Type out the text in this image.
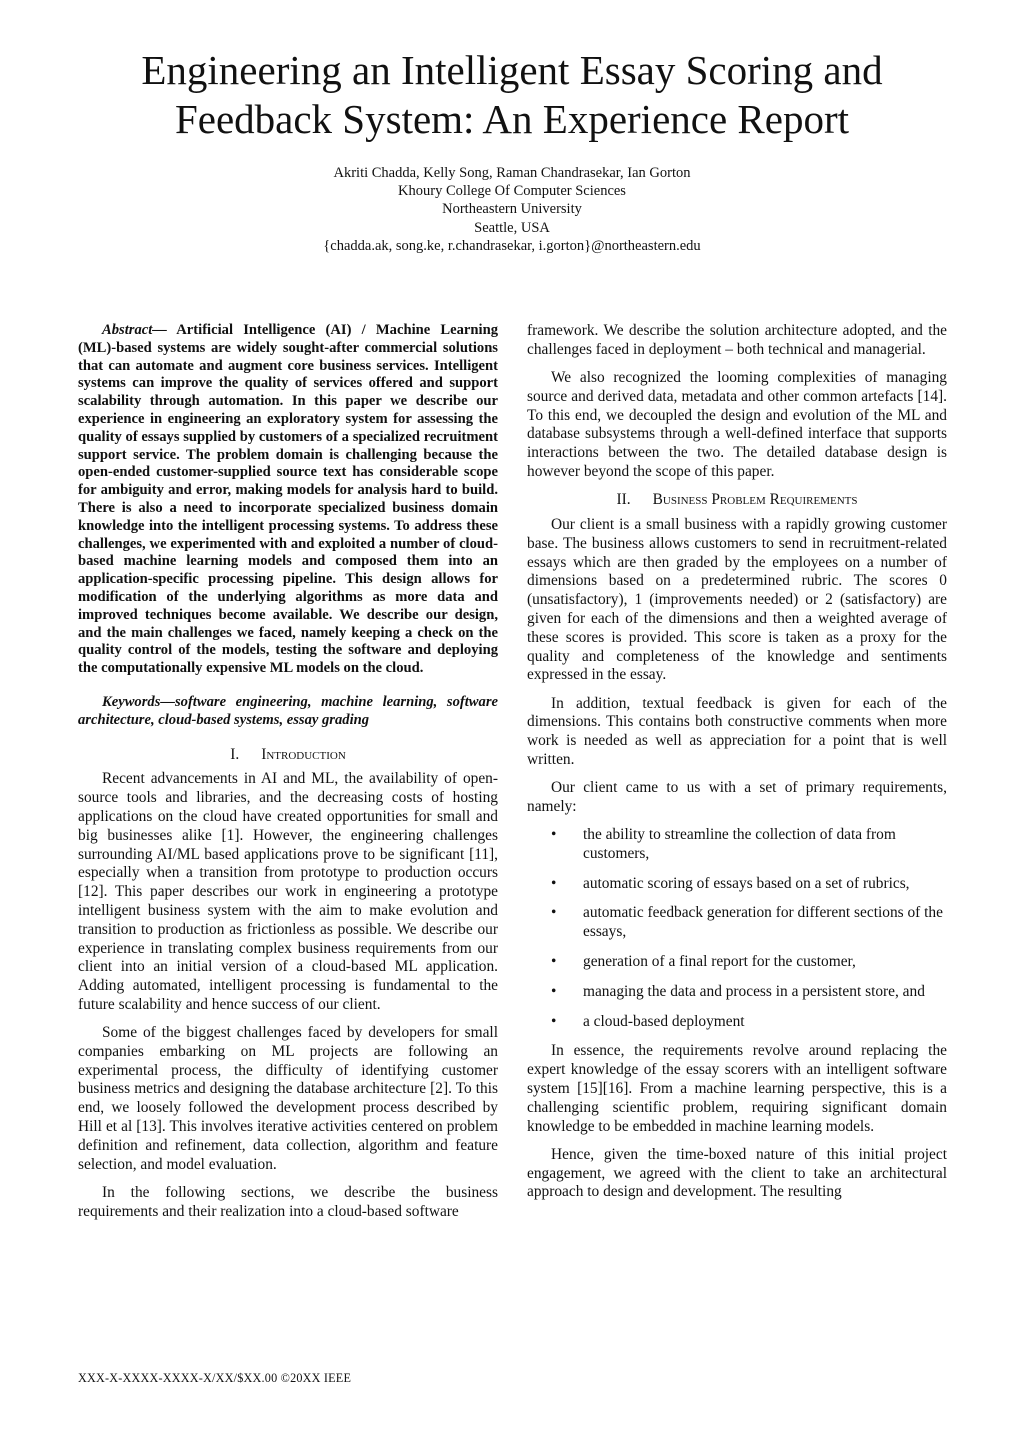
Engineering an Intelligent Essay Scoring and Feedback System: An Experience Report
Akriti Chadda, Kelly Song, Raman Chandrasekar, Ian Gorton
Khoury College Of Computer Sciences
Northeastern University
Seattle, USA
{chadda.ak, song.ke, r.chandrasekar, i.gorton}@northeastern.edu

Abstract— Artificial Intelligence (AI) / Machine Learning (ML)-based systems are widely sought-after commercial solutions that can automate and augment core business services. Intelligent systems can improve the quality of services offered and support scalability through automation. In this paper we describe our experience in engineering an exploratory system for assessing the quality of essays supplied by customers of a specialized recruitment support service. The problem domain is challenging because the open-ended customer-supplied source text has considerable scope for ambiguity and error, making models for analysis hard to build. There is also a need to incorporate specialized business domain knowledge into the intelligent processing systems. To address these challenges, we experimented with and exploited a number of cloud-based machine learning models and composed them into an application-specific processing pipeline. This design allows for modification of the underlying algorithms as more data and improved techniques become available. We describe our design, and the main challenges we faced, namely keeping a check on the quality control of the models, testing the software and deploying the computationally expensive ML models on the cloud.

Keywords—software engineering, machine learning, software architecture, cloud-based systems, essay grading

I. Introduction

Recent advancements in AI and ML, the availability of open-source tools and libraries, and the decreasing costs of hosting applications on the cloud have created opportunities for small and big businesses alike [1]. However, the engineering challenges surrounding AI/ML based applications prove to be significant [11], especially when a transition from prototype to production occurs [12]. This paper describes our work in engineering a prototype intelligent business system with the aim to make evolution and transition to production as frictionless as possible. We describe our experience in translating complex business requirements from our client into an initial version of a cloud-based ML application. Adding automated, intelligent processing is fundamental to the future scalability and hence success of our client.

Some of the biggest challenges faced by developers for small companies embarking on ML projects are following an experimental process, the difficulty of identifying customer business metrics and designing the database architecture [2]. To this end, we loosely followed the development process described by Hill et al [13]. This involves iterative activities centered on problem definition and refinement, data collection, algorithm and feature selection, and model evaluation.

In the following sections, we describe the business requirements and their realization into a cloud-based software

framework. We describe the solution architecture adopted, and the challenges faced in deployment – both technical and managerial.

We also recognized the looming complexities of managing source and derived data, metadata and other common artefacts [14]. To this end, we decoupled the design and evolution of the ML and database subsystems through a well-defined interface that supports interactions between the two. The detailed database design is however beyond the scope of this paper.

II. Business Problem Requirements

Our client is a small business with a rapidly growing customer base. The business allows customers to send in recruitment-related essays which are then graded by the employees on a number of dimensions based on a predetermined rubric. The scores 0 (unsatisfactory), 1 (improvements needed) or 2 (satisfactory) are given for each of the dimensions and then a weighted average of these scores is provided. This score is taken as a proxy for the quality and completeness of the knowledge and sentiments expressed in the essay.

In addition, textual feedback is given for each of the dimensions. This contains both constructive comments when more work is needed as well as appreciation for a point that is well written.

Our client came to us with a set of primary requirements, namely:

• the ability to streamline the collection of data from customers,
• automatic scoring of essays based on a set of rubrics,
• automatic feedback generation for different sections of the essays,
• generation of a final report for the customer,
• managing the data and process in a persistent store, and
• a cloud-based deployment

In essence, the requirements revolve around replacing the expert knowledge of the essay scorers with an intelligent software system [15][16]. From a machine learning perspective, this is a challenging scientific problem, requiring significant domain knowledge to be embedded in machine learning models.

Hence, given the time-boxed nature of this initial project engagement, we agreed with the client to take an architectural approach to design and development. The resulting

XXX-X-XXXX-XXXX-X/XX/$XX.00 ©20XX IEEE
